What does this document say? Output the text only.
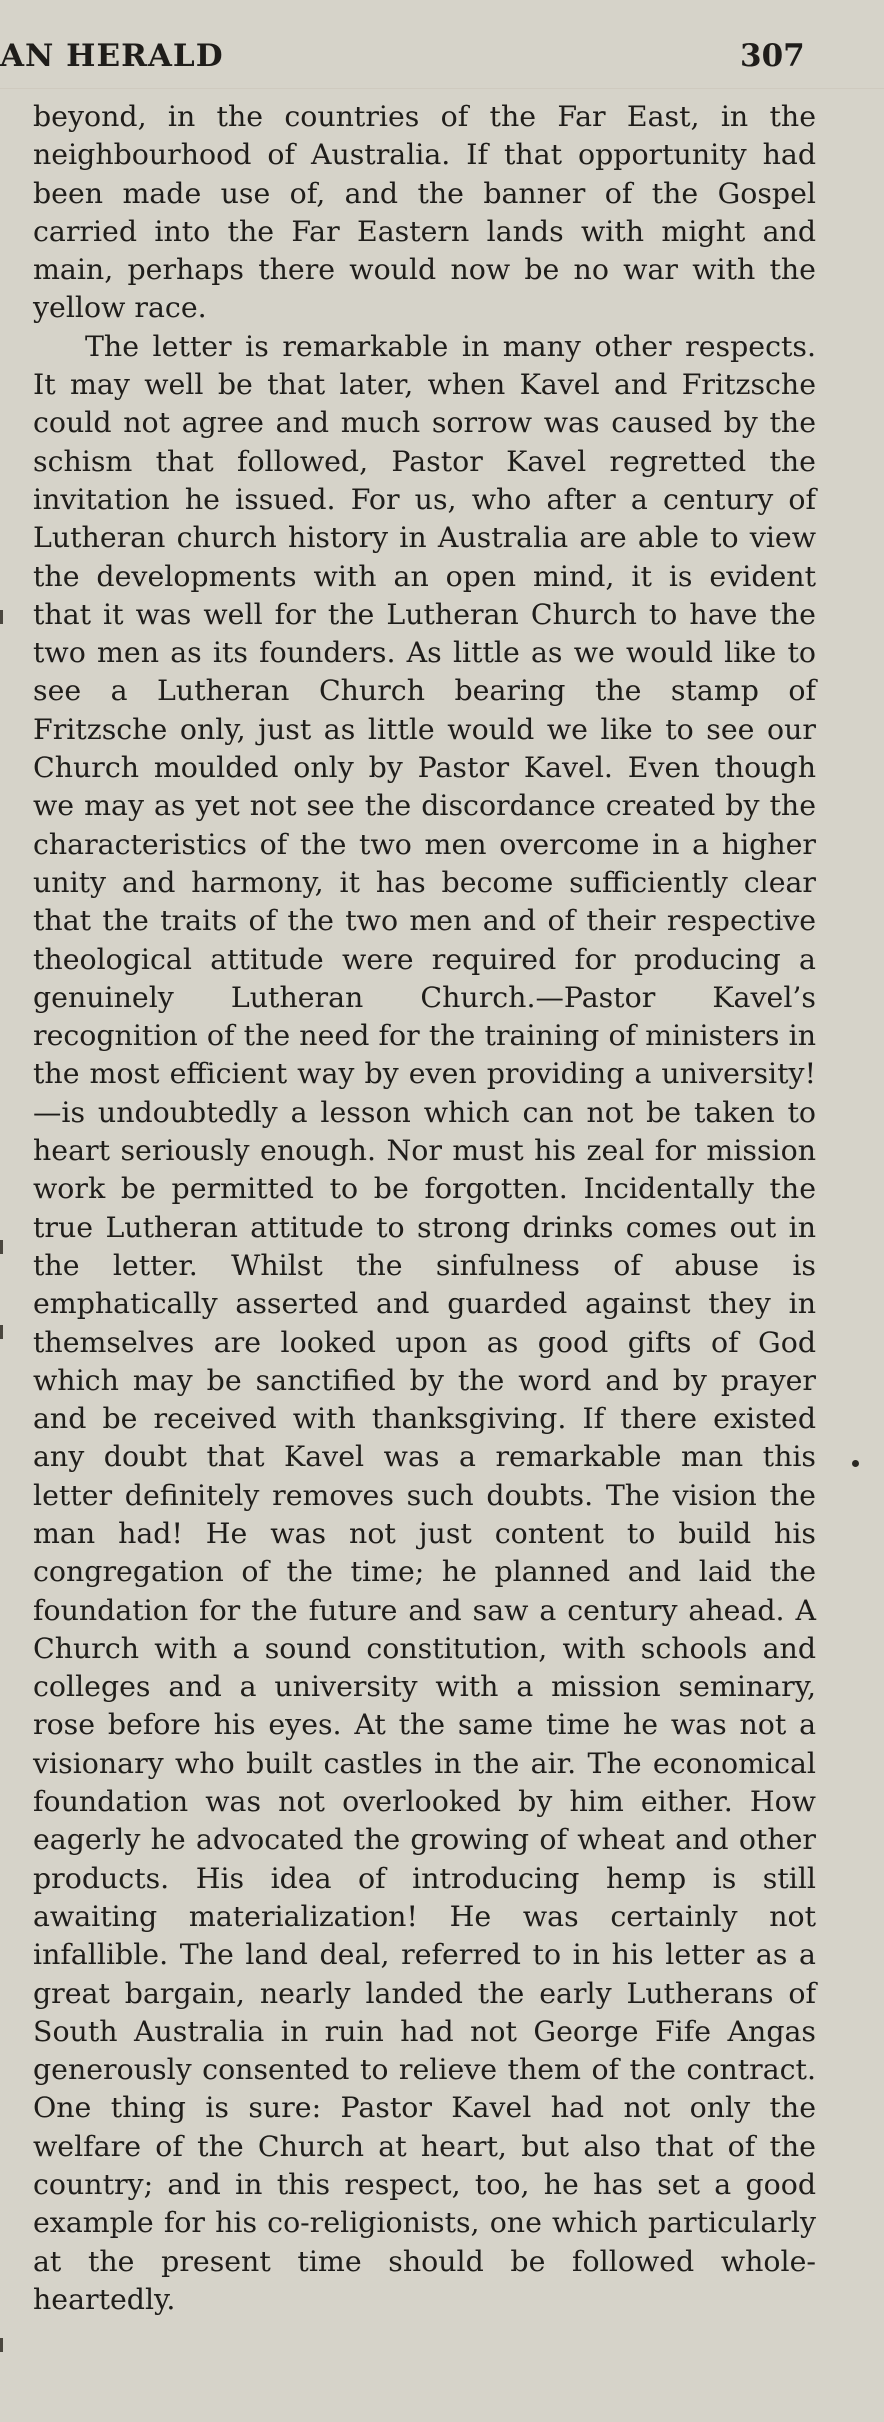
AN HERALD	307

beyond, in the countries of the Far East, in the neighbourhood of Australia. If that opportunity had been made use of, and the banner of the Gospel carried into the Far Eastern lands with might and main, perhaps there would now be no war with the yellow race.

The letter is remarkable in many other respects. It may well be that later, when Kavel and Fritzsche could not agree and much sorrow was caused by the schism that followed, Pastor Kavel regretted the invitation he issued. For us, who after a century of Lutheran church history in Australia are able to view the developments with an open mind, it is evident that it was well for the Lutheran Church to have the two men as its founders. As little as we would like to see a Lutheran Church bearing the stamp of Fritzsche only, just as little would we like to see our Church moulded only by Pastor Kavel. Even though we may as yet not see the discordance created by the characteristics of the two men overcome in a higher unity and harmony, it has become sufficiently clear that the traits of the two men and of their respective theological attitude were required for producing a genuinely Lutheran Church.—Pastor Kavel’s recognition of the need for the training of ministers in the most efficient way by even providing a university!—is undoubtedly a lesson which can not be taken to heart seriously enough. Nor must his zeal for mission work be permitted to be forgotten. Incidentally the true Lutheran attitude to strong drinks comes out in the letter. Whilst the sinfulness of abuse is emphatically asserted and guarded against they in themselves are looked upon as good gifts of God which may be sanctified by the word and by prayer and be received with thanksgiving. If there existed any doubt that Kavel was a remarkable man this letter definitely removes such doubts. The vision the man had! He was not just content to build his congregation of the time; he planned and laid the foundation for the future and saw a century ahead. A Church with a sound constitution, with schools and colleges and a university with a mission seminary, rose before his eyes. At the same time he was not a visionary who built castles in the air. The economical foundation was not overlooked by him either. How eagerly he advocated the growing of wheat and other products. His idea of introducing hemp is still awaiting materialization! He was certainly not infallible. The land deal, referred to in his letter as a great bargain, nearly landed the early Lutherans of South Australia in ruin had not George Fife Angas generously consented to relieve them of the contract. One thing is sure: Pastor Kavel had not only the welfare of the Church at heart, but also that of the country; and in this respect, too, he has set a good example for his co-religionists, one which particularly at the present time should be followed wholeheartedly.
